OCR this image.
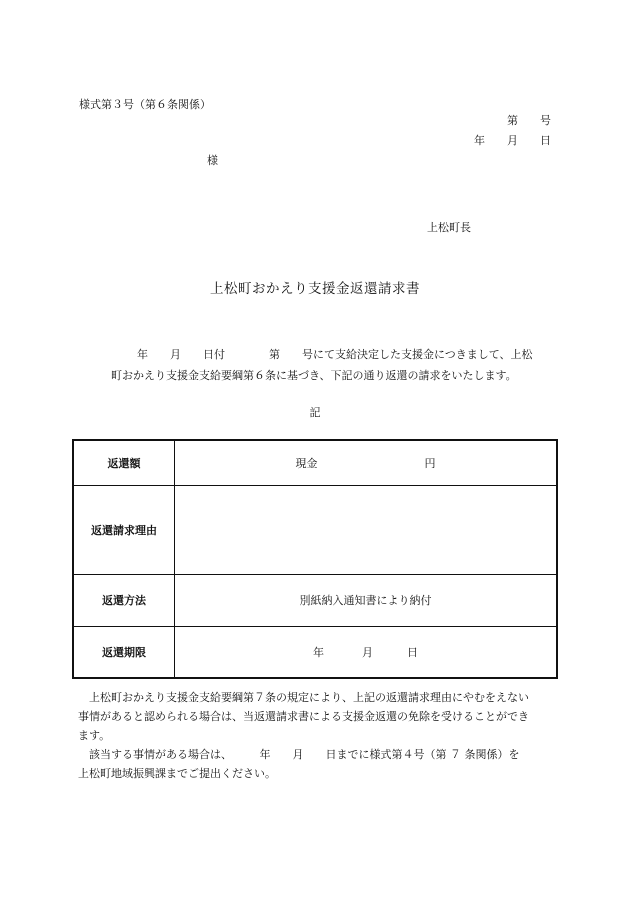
様式第３号（第６条関係）
第　　号
年　　月　　日
様
上松町長
上松町おかえり支援金返還請求書
年　　月　　日付　　　　第　　号にて支給決定した支援金につきまして、上松
町おかえり支援金支給要綱第６条に基づき、下記の通り返還の請求をいたします。
記
返還額	現金 円
返還請求理由	
返還方法	別紙納入通知書により納付
返還期限	年 月 日

上松町おかえり支援金支給要綱第７条の規定により、上記の返還請求理由にやむをえない

事情があると認められる場合は、当返還請求書による支援金返還の免除を受けることができ

ます。

該当する事情がある場合は、　　　年　　月　　日までに様式第４号（第 ７ 条関係）を

上松町地域振興課までご提出ください。
